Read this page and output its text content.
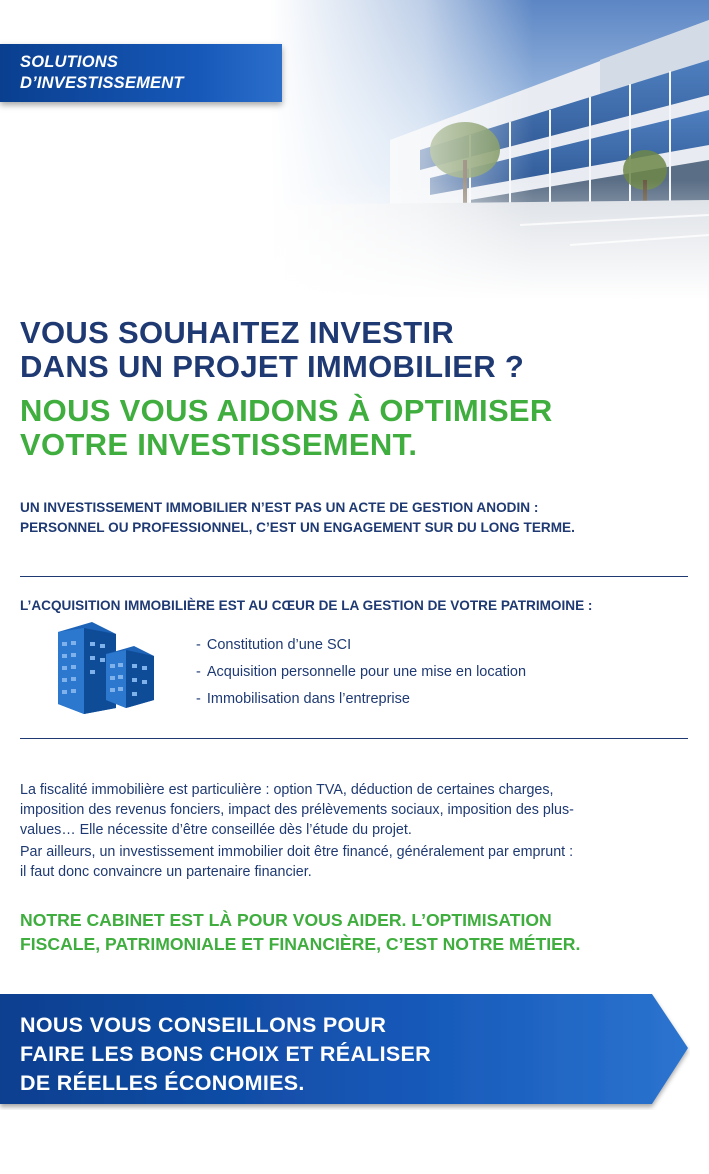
SOLUTIONS
D’INVESTISSEMENT
VOUS SOUHAITEZ INVESTIR
DANS UN PROJET IMMOBILIER ?
NOUS VOUS AIDONS À OPTIMISER
VOTRE INVESTISSEMENT.
UN INVESTISSEMENT IMMOBILIER N’EST PAS UN ACTE DE GESTION ANODIN :
PERSONNEL OU PROFESSIONNEL, C’EST UN ENGAGEMENT SUR DU LONG TERME.
L’ACQUISITION IMMOBILIÈRE EST AU CŒUR DE LA GESTION DE VOTRE PATRIMOINE :
- Constitution d’une SCI
- Acquisition personnelle pour une mise en location
- Immobilisation dans l’entreprise
La fiscalité immobilière est particulière : option TVA, déduction de certaines charges,
imposition des revenus fonciers, impact des prélèvements sociaux, imposition des plus-
values… Elle nécessite d’être conseillée dès l’étude du projet.
Par ailleurs, un investissement immobilier doit être financé, généralement par emprunt :
il faut donc convaincre un partenaire financier.
NOTRE CABINET EST LÀ POUR VOUS AIDER. L’OPTIMISATION
FISCALE, PATRIMONIALE ET FINANCIÈRE, C’EST NOTRE MÉTIER.
NOUS VOUS CONSEILLONS POUR
FAIRE LES BONS CHOIX ET RÉALISER
DE RÉELLES ÉCONOMIES.
